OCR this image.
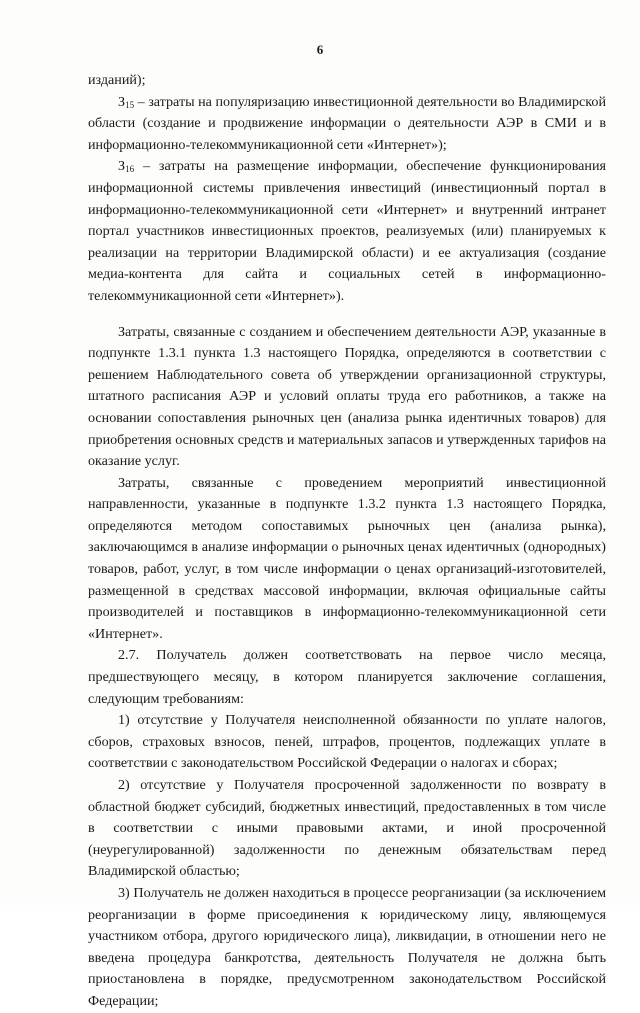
6

изданий);

$З_{15}$ – затраты на популяризацию инвестиционной деятельности во Владимирской области (создание и продвижение информации о деятельности АЭР в СМИ и в информационно-телекоммуникационной сети «Интернет»);

$З_{16}$ – затраты на размещение информации, обеспечение функционирования информационной системы привлечения инвестиций (инвестиционный портал в информационно-телекоммуникационной сети «Интернет» и внутренний интранет портал участников инвестиционных проектов, реализуемых (или) планируемых к реализации на территории Владимирской области) и ее актуализация (создание медиа-контента для сайта и социальных сетей в информационно-телекоммуникационной сети «Интернет»).

Затраты, связанные с созданием и обеспечением деятельности АЭР, указанные в подпункте 1.3.1 пункта 1.3 настоящего Порядка, определяются в соответствии с решением Наблюдательного совета об утверждении организационной структуры, штатного расписания АЭР и условий оплаты труда его работников, а также на основании сопоставления рыночных цен (анализа рынка идентичных товаров) для приобретения основных средств и материальных запасов и утвержденных тарифов на оказание услуг.

Затраты, связанные с проведением мероприятий инвестиционной направленности, указанные в подпункте 1.3.2 пункта 1.3 настоящего Порядка, определяются методом сопоставимых рыночных цен (анализа рынка), заключающимся в анализе информации о рыночных ценах идентичных (однородных) товаров, работ, услуг, в том числе информации о ценах организаций-изготовителей, размещенной в средствах массовой информации, включая официальные сайты производителей и поставщиков в информационно-телекоммуникационной сети «Интернет».

2.7. Получатель должен соответствовать на первое число месяца, предшествующего месяцу, в котором планируется заключение соглашения, следующим требованиям:

1) отсутствие у Получателя неисполненной обязанности по уплате налогов, сборов, страховых взносов, пеней, штрафов, процентов, подлежащих уплате в соответствии с законодательством Российской Федерации о налогах и сборах;

2) отсутствие у Получателя просроченной задолженности по возврату в областной бюджет субсидий, бюджетных инвестиций, предоставленных в том числе в соответствии с иными правовыми актами, и иной просроченной (неурегулированной) задолженности по денежным обязательствам перед Владимирской областью;

3) Получатель не должен находиться в процессе реорганизации (за исключением реорганизации в форме присоединения к юридическому лицу, являющемуся участником отбора, другого юридического лица), ликвидации, в отношении него не введена процедура банкротства, деятельность Получателя не должна быть приостановлена в порядке, предусмотренном законодательством Российской Федерации;
